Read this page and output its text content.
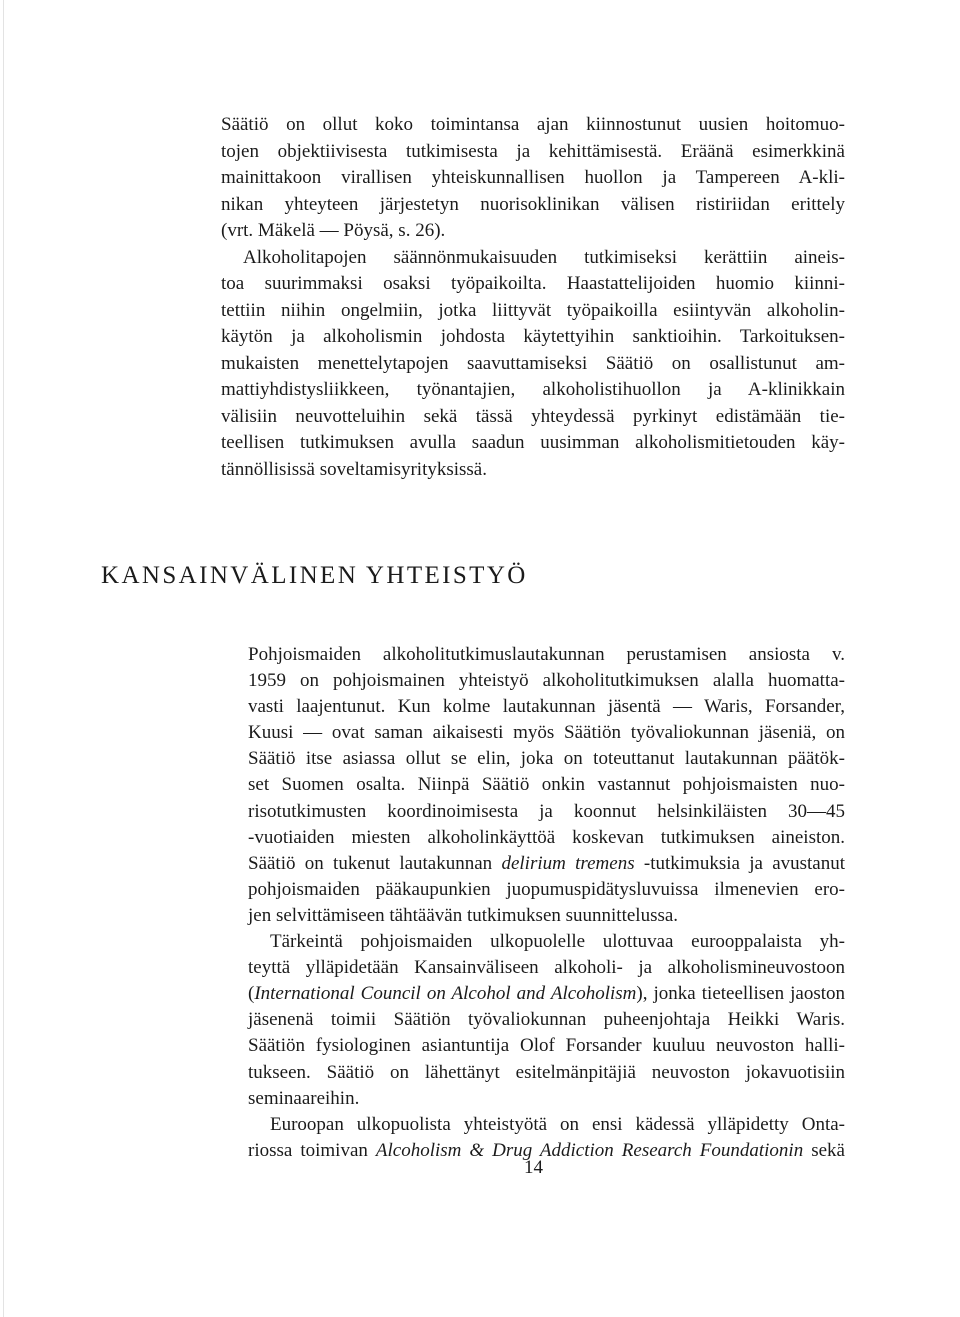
Säätiö on ollut koko toimintansa ajan kiinnostunut uusien hoitomuo-
tojen objektiivisesta tutkimisesta ja kehittämisestä. Eräänä esimerkkinä
mainittakoon virallisen yhteiskunnallisen huollon ja Tampereen A-kli-
nikan yhteyteen järjestetyn nuorisoklinikan välisen ristiriidan erittely
(vrt. Mäkelä — Pöysä, s. 26).
Alkoholitapojen säännönmukaisuuden tutkimiseksi kerättiin aineis-
toa suurimmaksi osaksi työpaikoilta. Haastattelijoiden huomio kiinni-
tettiin niihin ongelmiin, jotka liittyvät työpaikoilla esiintyvän alkoholin-
käytön ja alkoholismin johdosta käytettyihin sanktioihin. Tarkoituksen-
mukaisten menettelytapojen saavuttamiseksi Säätiö on osallistunut am-
mattiyhdistysliikkeen, työnantajien, alkoholistihuollon ja A-klinikkain
välisiin neuvotteluihin sekä tässä yhteydessä pyrkinyt edistämään tie-
teellisen tutkimuksen avulla saadun uusimman alkoholismitietouden käy-
tännöllisissä soveltamisyrityksissä.
KANSAINVÄLINEN YHTEISTYÖ
Pohjoismaiden alkoholitutkimuslautakunnan perustamisen ansiosta v.
1959 on pohjoismainen yhteistyö alkoholitutkimuksen alalla huomatta-
vasti laajentunut. Kun kolme lautakunnan jäsentä — Waris, Forsander,
Kuusi — ovat saman aikaisesti myös Säätiön työvaliokunnan jäseniä, on
Säätiö itse asiassa ollut se elin, joka on toteuttanut lautakunnan päätök-
set Suomen osalta. Niinpä Säätiö onkin vastannut pohjoismaisten nuo-
risotutkimusten koordinoimisesta ja koonnut helsinkiläisten 30—45
-vuotiaiden miesten alkoholinkäyttöä koskevan tutkimuksen aineiston.
Säätiö on tukenut lautakunnan delirium tremens -tutkimuksia ja avustanut
pohjoismaiden pääkaupunkien juopumuspidätysluvuissa ilmenevien ero-
jen selvittämiseen tähtäävän tutkimuksen suunnittelussa.
Tärkeintä pohjoismaiden ulkopuolelle ulottuvaa eurooppalaista yh-
teyttä ylläpidetään Kansainväliseen alkoholi- ja alkoholismineuvostoon
(International Council on Alcohol and Alcoholism), jonka tieteellisen jaoston
jäsenenä toimii Säätiön työvaliokunnan puheenjohtaja Heikki Waris.
Säätiön fysiologinen asiantuntija Olof Forsander kuuluu neuvoston halli-
tukseen. Säätiö on lähettänyt esitelmänpitäjiä neuvoston jokavuotisiin
seminaareihin.
Euroopan ulkopuolista yhteistyötä on ensi kädessä ylläpidetty Onta-
riossa toimivan Alcoholism & Drug Addiction Research Foundationin sekä
14
